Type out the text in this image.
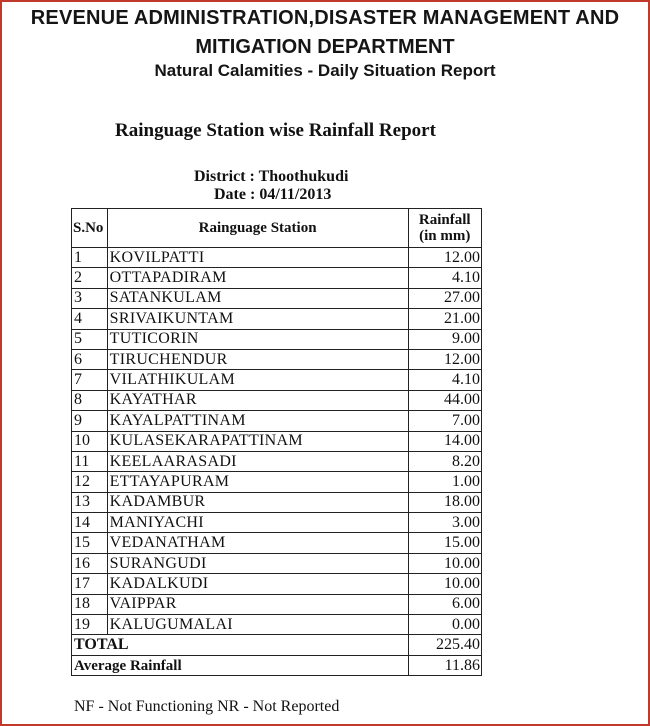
REVENUE ADMINISTRATION,DISASTER MANAGEMENT AND
MITIGATION DEPARTMENT
Natural Calamities - Daily Situation Report
Rainguage Station wise Rainfall Report
District : Thoothukudi
Date : 04/11/2013
S.No	Rainguage Station	Rainfall
(in mm)

1	KOVILPATTI	12.00
2	OTTAPADIRAM	4.10
3	SATANKULAM	27.00
4	SRIVAIKUNTAM	21.00
5	TUTICORIN	9.00
6	TIRUCHENDUR	12.00
7	VILATHIKULAM	4.10
8	KAYATHAR	44.00
9	KAYALPATTINAM	7.00
10	KULASEKARAPATTINAM	14.00
11	KEELAARASADI	8.20
12	ETTAYAPURAM	1.00
13	KADAMBUR	18.00
14	MANIYACHI	3.00
15	VEDANATHAM	15.00
16	SURANGUDI	10.00
17	KADALKUDI	10.00
18	VAIPPAR	6.00
19	KALUGUMALAI	0.00
TOTAL		225.40
Average Rainfall		11.86
NF - Not Functioning NR - Not Reported
